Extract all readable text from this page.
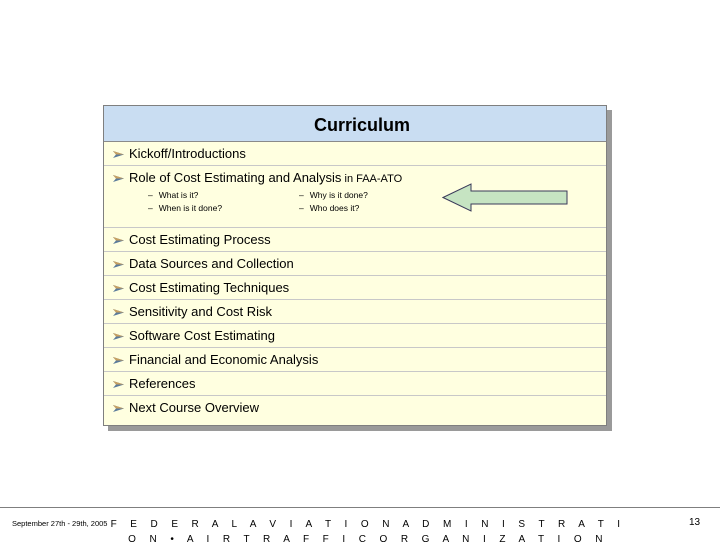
Curriculum
Kickoff/Introductions
Role of Cost Estimating and Analysis in FAA-ATO
– What is it?
– When is it done?
– Why is it done?
– Who does it?
Cost Estimating Process
Data Sources and Collection
Cost Estimating Techniques
Sensitivity and Cost Risk
Software Cost Estimating
Financial and Economic Analysis
References
Next Course Overview
September 27th - 29th, 2005 F E D E R A L A V I A T I O N A D M I N I S T R A T I O N • A I R T R A F F I C O R G A N I Z A T I O N
13
